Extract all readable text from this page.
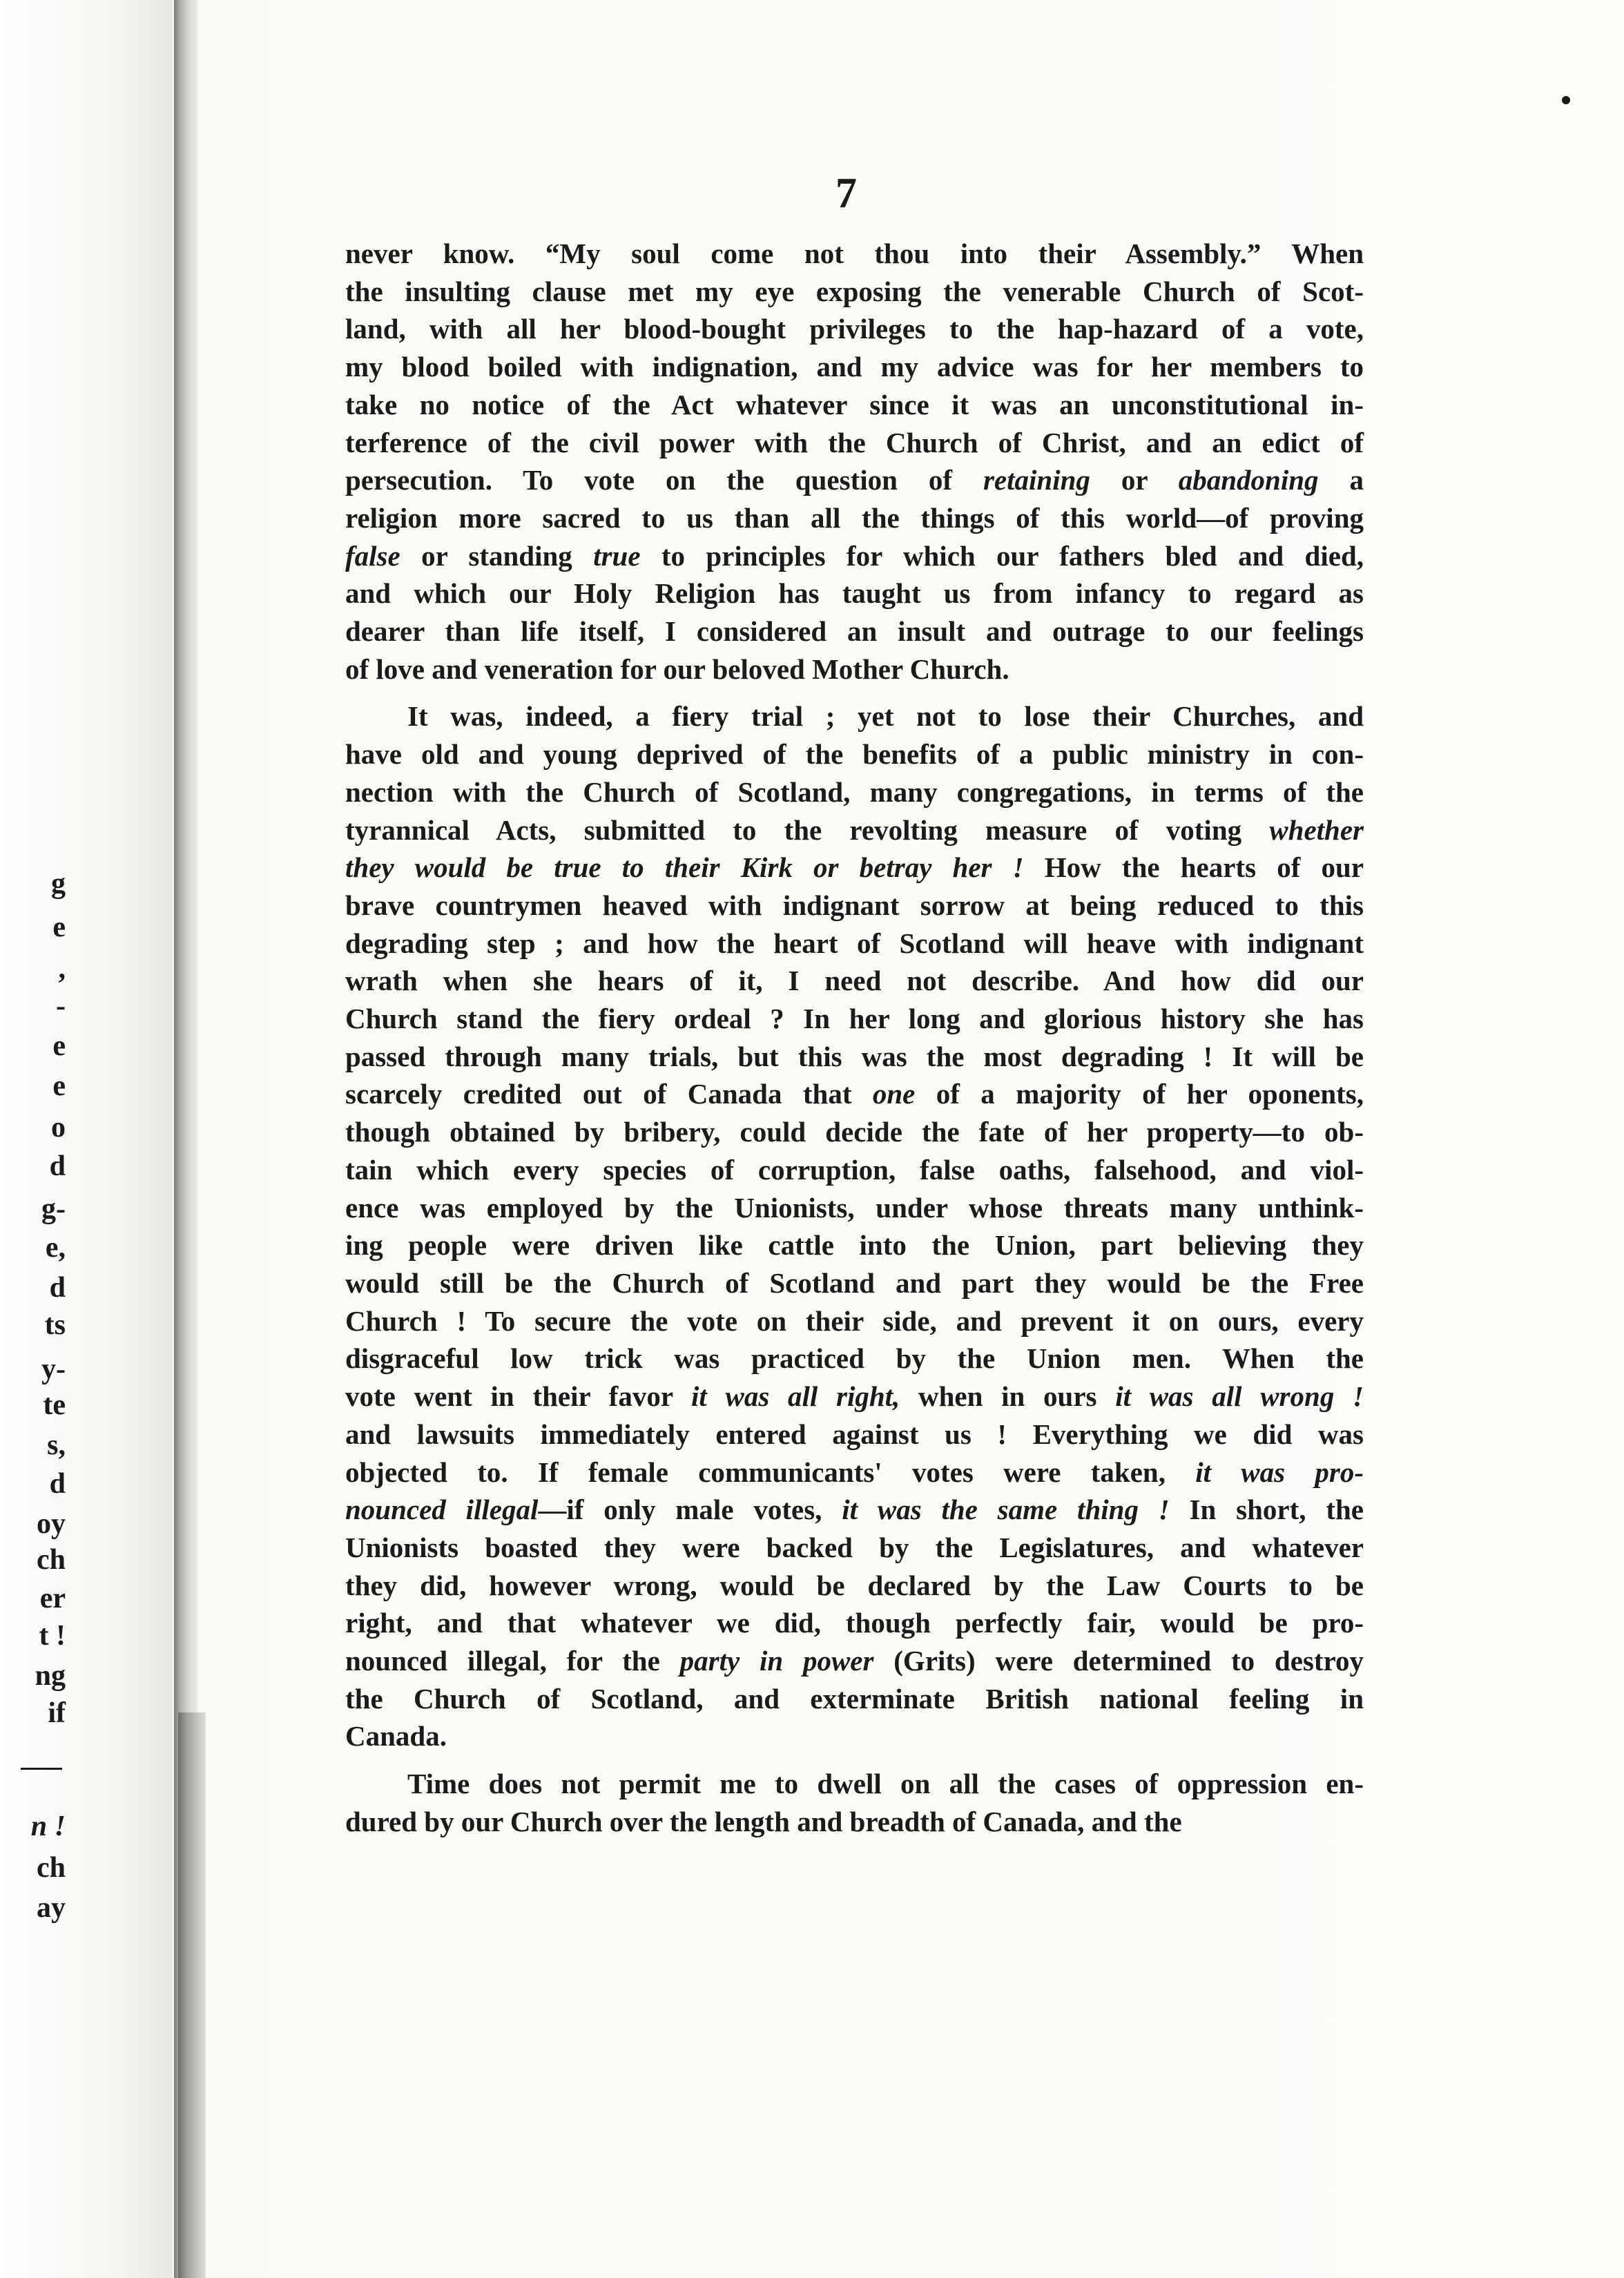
g
e
,
-
e
e
o
d
g-
e,
d
ts
y-
te
s,
d
oy
ch
er
t !
ng
if
n !
ch
ay
7
never know. “My soul come not thou into their Assembly.” When
the insulting clause met my eye exposing the venerable Church of Scot-
land, with all her blood-bought privileges to the hap-hazard of a vote,
my blood boiled with indignation, and my advice was for her members to
take no notice of the Act whatever since it was an unconstitutional in-
terference of the civil power with the Church of Christ, and an edict of
persecution. To vote on the question of retaining or abandoning a
religion more sacred to us than all the things of this world—of proving
false or standing true to principles for which our fathers bled and died,
and which our Holy Religion has taught us from infancy to regard as
dearer than life itself, I considered an insult and outrage to our feelings
of love and veneration for our beloved Mother Church.
It was, indeed, a fiery trial ; yet not to lose their Churches, and
have old and young deprived of the benefits of a public ministry in con-
nection with the Church of Scotland, many congregations, in terms of the
tyrannical Acts, submitted to the revolting measure of voting whether
they would be true to their Kirk or betray her ! How the hearts of our
brave countrymen heaved with indignant sorrow at being reduced to this
degrading step ; and how the heart of Scotland will heave with indignant
wrath when she hears of it, I need not describe. And how did our
Church stand the fiery ordeal ? In her long and glorious history she has
passed through many trials, but this was the most degrading ! It will be
scarcely credited out of Canada that one of a majority of her oponents,
though obtained by bribery, could decide the fate of her property—to ob-
tain which every species of corruption, false oaths, falsehood, and viol-
ence was employed by the Unionists, under whose threats many unthink-
ing people were driven like cattle into the Union, part believing they
would still be the Church of Scotland and part they would be the Free
Church ! To secure the vote on their side, and prevent it on ours, every
disgraceful low trick was practiced by the Union men. When the
vote went in their favor it was all right, when in ours it was all wrong !
and lawsuits immediately entered against us ! Everything we did was
objected to. If female communicants' votes were taken, it was pro-
nounced illegal—if only male votes, it was the same thing ! In short, the
Unionists boasted they were backed by the Legislatures, and whatever
they did, however wrong, would be declared by the Law Courts to be
right, and that whatever we did, though perfectly fair, would be pro-
nounced illegal, for the party in power (Grits) were determined to destroy
the Church of Scotland, and exterminate British national feeling in
Canada.
Time does not permit me to dwell on all the cases of oppression en-
dured by our Church over the length and breadth of Canada, and the
